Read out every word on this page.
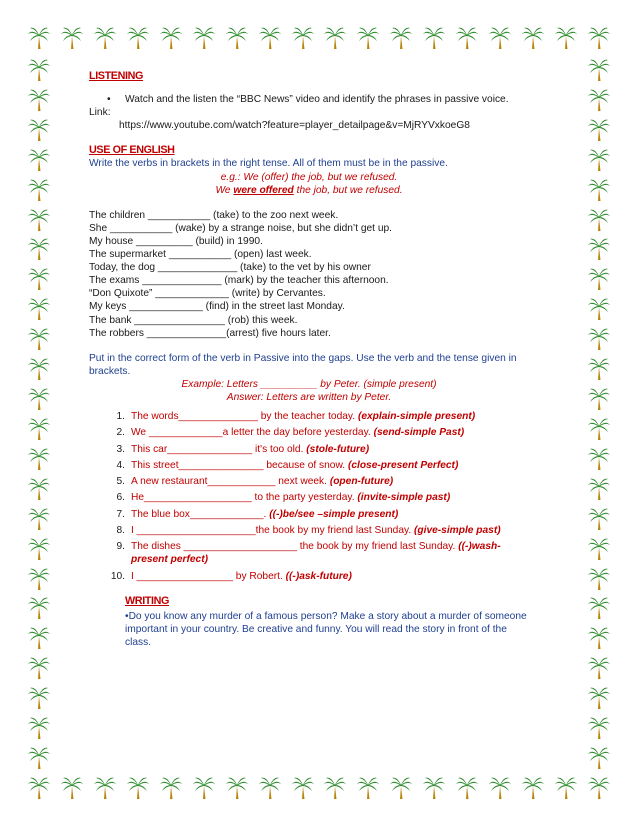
LISTENING
•	Watch and the listen the “BBC News” video and identify the phrases in passive voice.
Link:
https://www.youtube.com/watch?feature=player_detailpage&v=MjRYVxkoeG8
USE OF ENGLISH
Write the verbs in brackets in the right tense. All of them must be in the passive.
e.g.: We (offer) the job, but we refused.
We were offered the job, but we refused.
The children ___________ (take) to the zoo next week.
She ___________ (wake) by a strange noise, but she didn’t get up.
My house __________ (build) in 1990.
The supermarket ___________ (open) last week.
Today, the dog ______________ (take) to the vet by his owner
The exams ______________ (mark) by the teacher this afternoon.
“Don Quixote” _____________ (write) by Cervantes.
My keys _____________ (find) in the street last Monday.
The bank ________________ (rob) this week.
The robbers ______________(arrest) five hours later.
Put in the correct form of the verb in Passive into the gaps. Use the verb and the tense given in brackets.
Example: Letters __________ by Peter. (simple present)
Answer: Letters are written by Peter.
1. The words______________ by the teacher today. (explain-simple present)
2. We _____________a letter the day before yesterday. (send-simple Past)
3. This car_______________ it's too old. (stole-future)
4. This street_______________ because of snow. (close-present Perfect)
5. A new restaurant____________ next week. (open-future)
6. He___________________ to the party yesterday. (invite-simple past)
7. The blue box_____________. ((-)be/see –simple present)
8. I _____________________the book by my friend last Sunday. (give-simple past)
9. The dishes ____________________ the book by my friend last Sunday. ((-)wash-present perfect)
10. I _________________ by Robert. ((-)ask-future)
WRITING
•Do you know any murder of a famous person? Make a story about a murder of someone important in your country. Be creative and funny. You will read the story in front of the class.
